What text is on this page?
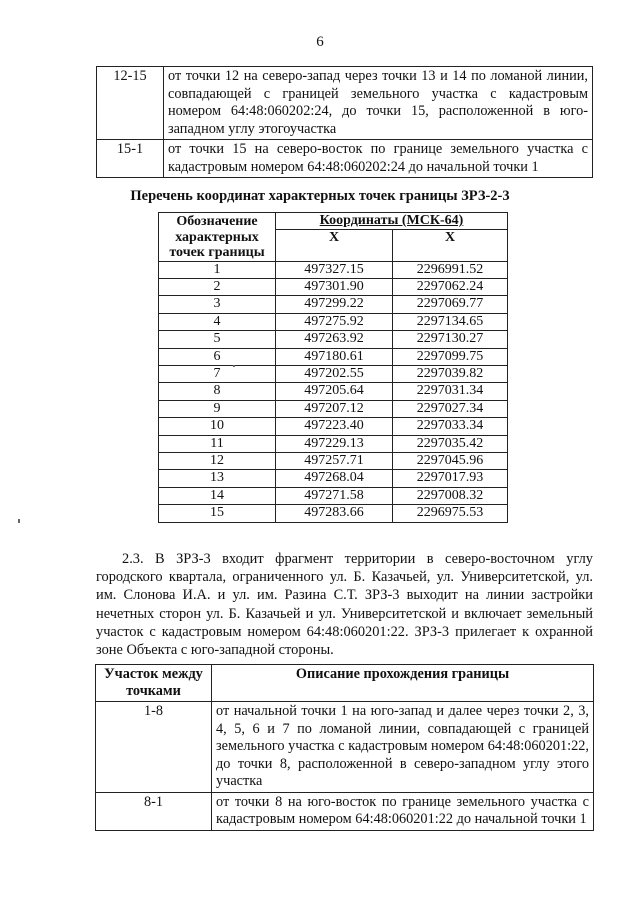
6
12-15	от точки 12 на северо-запад через точки 13 и 14 по ломаной линии, совпадающей с границей земельного участка с кадастровым номером 64:48:060202:24, до точки 15, расположенной в юго-западном углу этогоучастка
15-1	от точки 15 на северо-восток по границе земельного участка с кадастровым номером 64:48:060202:24 до начальной точки 1
Перечень координат характерных точек границы ЗРЗ-2-3
Обозначение характерных точек границы	Координаты (МСК-64)	
	X	X
1	497327.15	2296991.52
2	497301.90	2297062.24
3	497299.22	2297069.77
4	497275.92	2297134.65
5	497263.92	2297130.27
6	497180.61	2297099.75
7	497202.55	2297039.82
8	497205.64	2297031.34
9	497207.12	2297027.34
10	497223.40	2297033.34
11	497229.13	2297035.42
12	497257.71	2297045.96
13	497268.04	2297017.93
14	497271.58	2297008.32
15	497283.66	2296975.53

2.3. В ЗРЗ-3 входит фрагмент территории в северо-восточном углу городского квартала, ограниченного ул. Б. Казачьей, ул. Университетской, ул. им. Слонова И.А. и ул. им. Разина С.Т. ЗРЗ-3 выходит на линии застройки нечетных сторон ул. Б. Казачьей и ул. Университетской и включает земельный участок с кадастровым номером 64:48:060201:22. ЗРЗ-3 прилегает к охранной зоне Объекта с юго-западной стороны.

Участок между точками	Описание прохождения границы
1-8	от начальной точки 1 на юго-запад и далее через точки 2, 3, 4, 5, 6 и 7 по ломаной линии, совпадающей с границей земельного участка с кадастровым номером 64:48:060201:22, до точки 8, расположенной в северо-западном углу этого участка
8-1	от точки 8 на юго-восток по границе земельного участка с кадастровым номером 64:48:060201:22 до начальной точки 1
